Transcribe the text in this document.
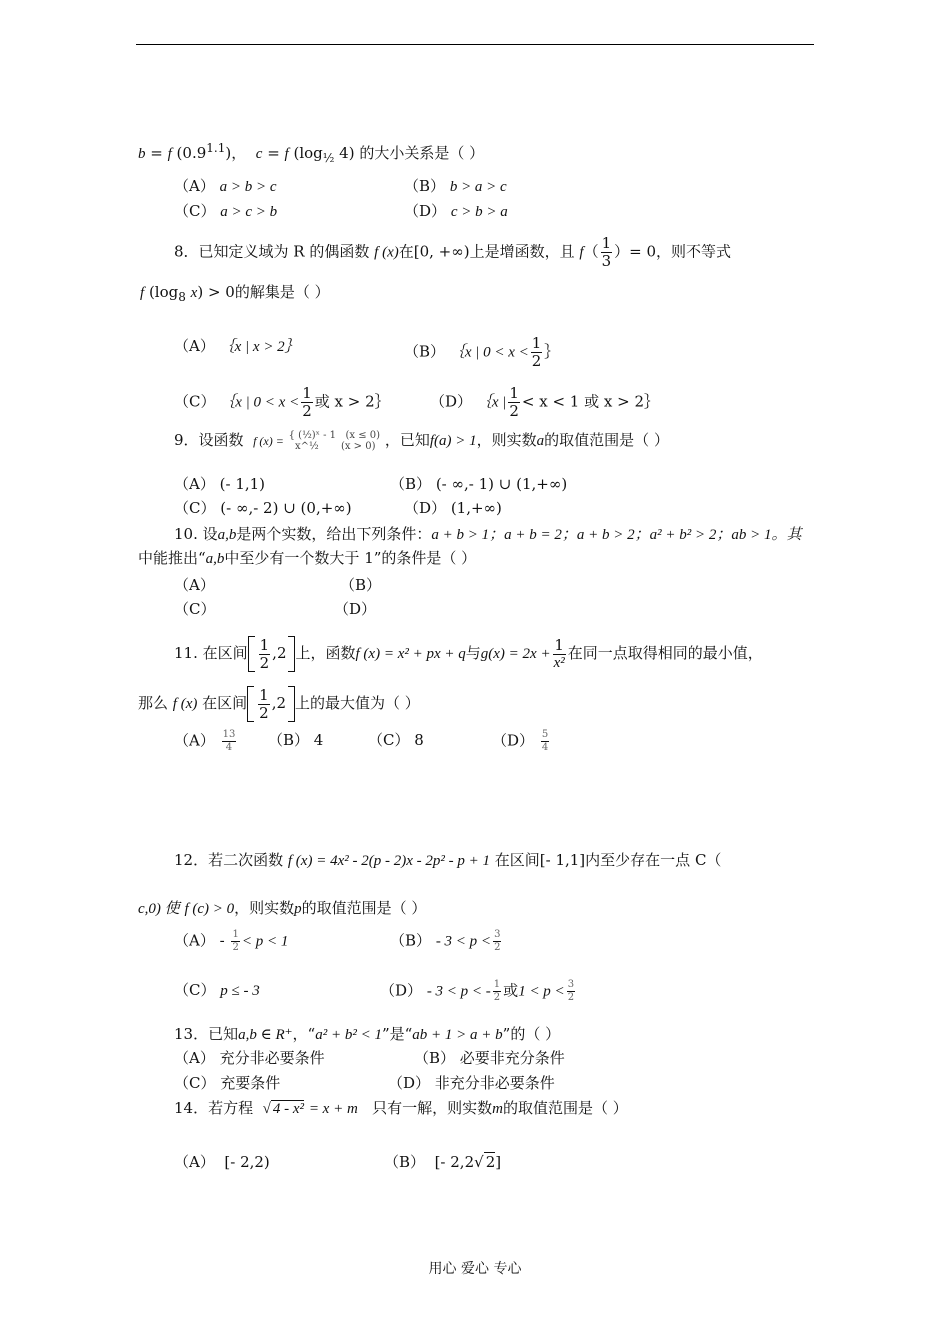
b = f $(0.9^{1.1})$，  c = f ($\log_{\frac{1}{2}}$ 4) 的大小关系是（ ）
（A） a > b > c	（B） b > a > c
（C） a > c > b	（D） c > b > a
8．已知定义域为 R 的偶函数 f (x)在[0, +∞)上是增函数，且 $f( \frac{1}{3}$ ）= 0，则不等式
f ($\log_8$ x) > 0的解集是（ ）
（A） ｛x | x > 2｝	（B） ｛x | $0 < x < \frac{1}{2}$ ｝
（C） ｛x | $0 < x < \frac{1}{2}$ 或 x > 2｝	（D） ｛x | $\frac{1}{2} < x < 1$ 或 x > 2｝
9．设函数 f (x) = { (½)ˣ - 1   (x ≤ 0)
x^½       (x > 0) ，已知f(a) > 1，则实数a的取值范围是（ ）
（A） (- 1,1)	（B） (- ∞,- 1) ∪ (1,+∞)
（C） (- ∞,- 2) ∪ (0,+∞)	（D） (1,+∞)
10. 设a,b是两个实数，给出下列条件：a + b > 1；a + b = 2；a + b > 2；a² + b² > 2；ab > 1。其
中能推出“a,b中至少有一个数大于 1”的条件是（ ）
（A）	（B）
（C）	（D）
11. 在区间 $\frac{1}{2} ,2$ 上，函数f (x) = x² + px + q与$g(x) = 2x + \frac{1}{\text{x²}}$ 在同一点取得相同的最小值，
那么 f (x) 在区间 $\frac{1}{2} ,2$ 上的最大值为（ ）
$(A) \frac{13}{4} (B)$ 4	（C） 8	$(D) \frac{5}{4}$
12．若二次函数 f (x) = 4x² - 2(p - 2)x - 2p² - p + 1 在区间[- 1,1]内至少存在一点 C（
c,0) 使 f (c) > 0，则实数p的取值范围是（ ）
$(A) - \frac{1}{2} < p < 1$	$(B) - 3 < p < \frac{3}{2}$
（C） p ≤ - 3	（D） - 3 < p < - $\frac{1}{2}$ 或$1 < p < \frac{3}{2}$
13．已知a,b ∈ R⁺，“a² + b² < 1”是“ab + 1 > a + b”的（ ）
（A） 充分非必要条件	（B） 必要非充分条件
（C） 充要条件	（D） 非充分非必要条件
14．若方程 √ 4 - x² = x + m 只有一解，则实数m的取值范围是（ ）
（A） [- 2,2)	（B） [- 2,2√ 2]
用心 爱心 专心
